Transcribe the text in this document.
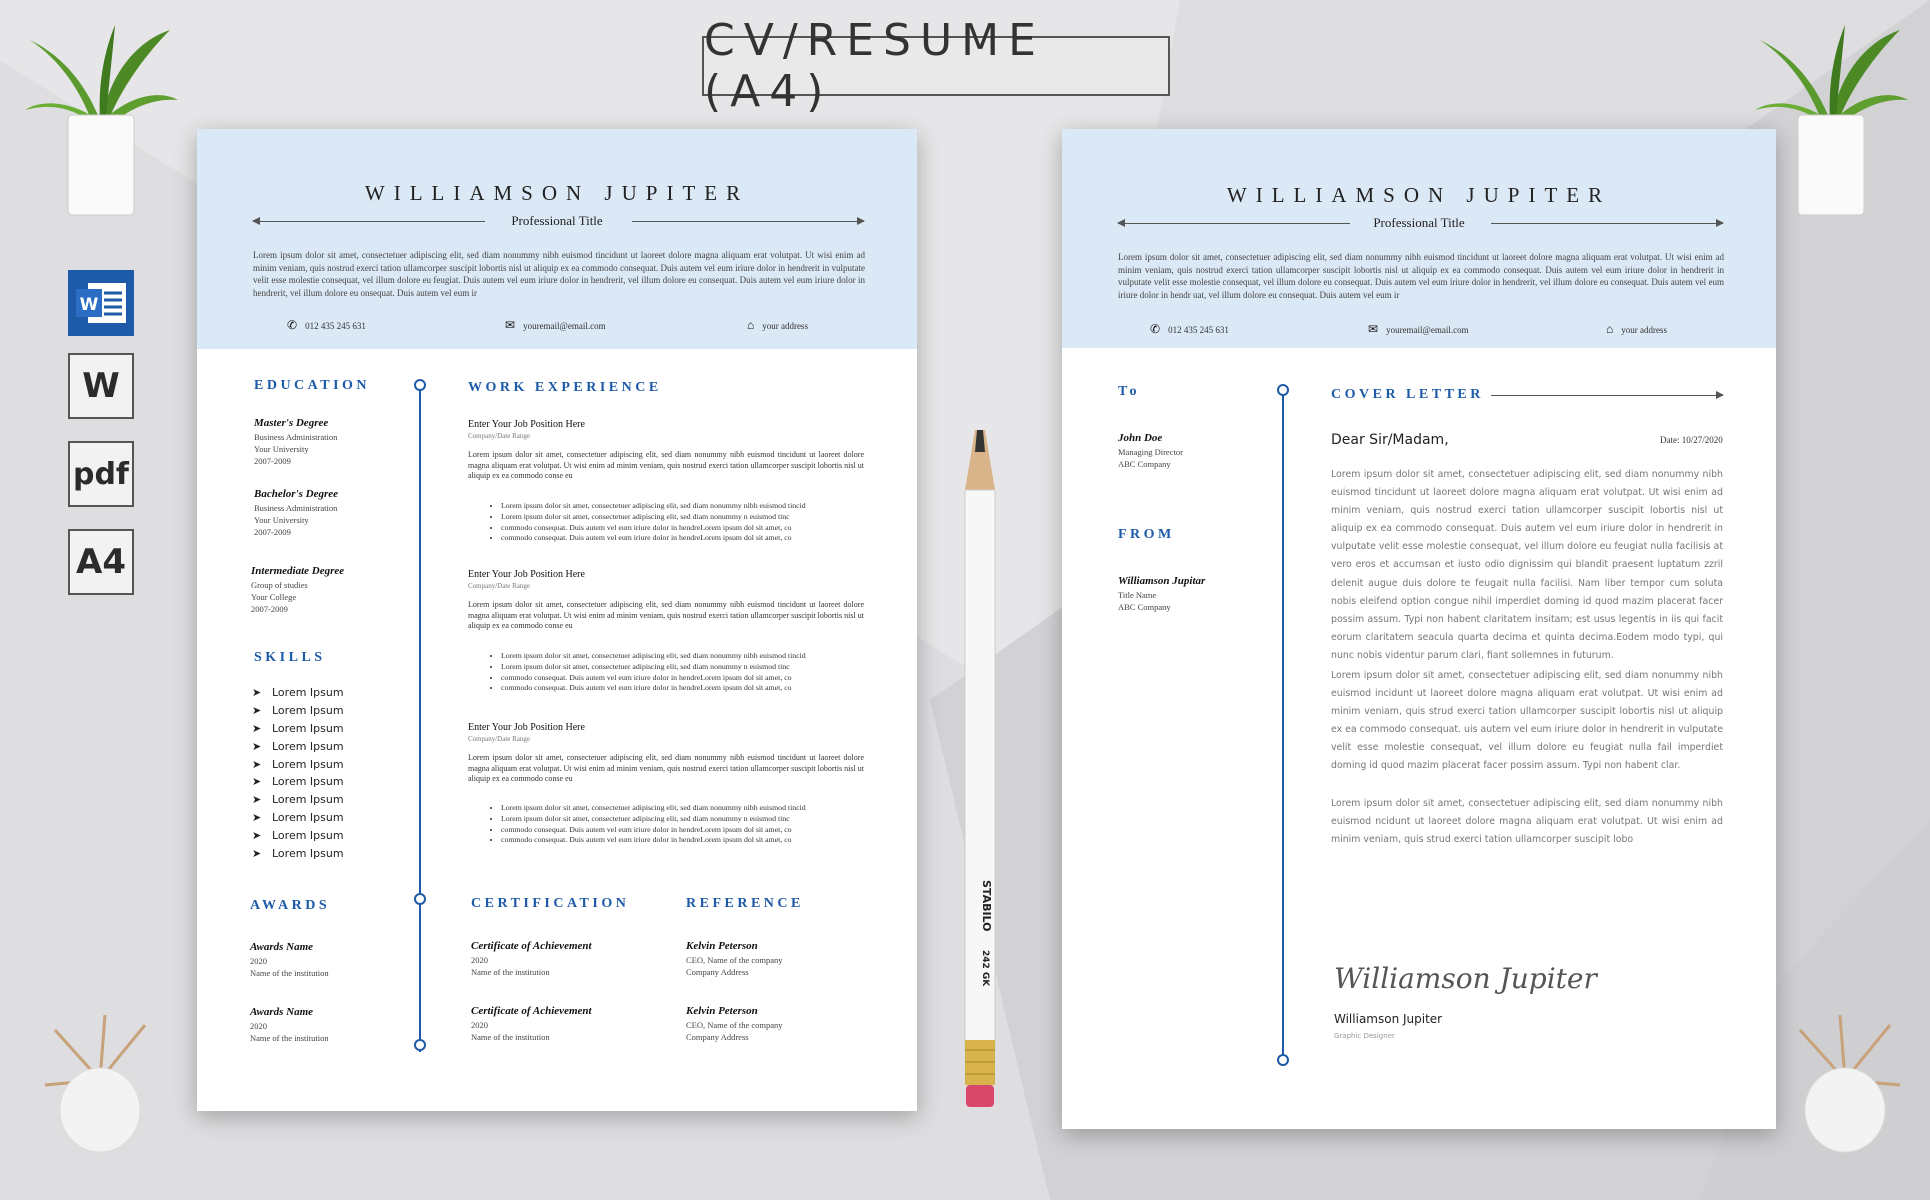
CV/RESUME (A4)
W
W
pdf
A4
WILLIAMSON JUPITER
Professional Title
Lorem ipsum dolor sit amet, consectetuer adipiscing elit, sed diam nonummy nibh euismod tincidunt ut laoreet dolore magna aliquam erat volutpat. Ut wisi enim ad minim veniam, quis nostrud exerci tation ullamcorper suscipit lobortis nisl ut aliquip ex ea commodo consequat. Duis autem vel eum iriure dolor in hendrerit in vulputate velit esse molestie consequat, vel illum dolore eu feugiat. Duis autem vel eum iriure dolor in hendrerit, vel illum dolore eu consequat. Duis autem vel eum iriure dolor in hendrerit, vel illum dolore eu onsequat. Duis autem vel eum ir
✆ 012 435 245 631	✉ youremail@email.com	⌂ your address
EDUCATION
Master's Degree
Business Administration
Your University
2007-2009
Bachelor's Degree
Business Administration
Your University
2007-2009
Intermediate Degree
Group of studies
Your College
2007-2009
SKILLS
➤ Lorem Ipsum
➤ Lorem Ipsum
➤ Lorem Ipsum
➤ Lorem Ipsum
➤ Lorem Ipsum
➤ Lorem Ipsum
➤ Lorem Ipsum
➤ Lorem Ipsum
➤ Lorem Ipsum
➤ Lorem Ipsum
AWARDS
Awards Name
2020
Name of the institution
Awards Name
2020
Name of the institution
WORK EXPERIENCE
Enter Your Job Position Here
Company/Date Range
Lorem ipsum dolor sit amet, consectetuer adipiscing elit, sed diam nonummy nibh euismod tincidunt ut laoreet dolore magna aliquam erat volutpat. Ut wisi enim ad minim veniam, quis nostrud exerci tation ullamcorper suscipit lobortis nisl ut aliquip ex ea commodo conse eu
• Lorem ipsum dolor sit amet, consectetuer adipiscing elit, sed diam nonummy nibh euismod tincid
• Lorem ipsum dolor sit amet, consectetuer adipiscing elit, sed diam nonummy n euismod tinc
• commodo consequat. Duis autem vel eum iriure dolor in hendreLorem ipsum dol sit amet, co
• commodo consequat. Duis autem vel eum iriure dolor in hendreLorem ipsum dol sit amet, co
Enter Your Job Position Here
Company/Date Range
Lorem ipsum dolor sit amet, consectetuer adipiscing elit, sed diam nonummy nibh euismod tincidunt ut laoreet dolore magna aliquam erat volutpat. Ut wisi enim ad minim veniam, quis nostrud exerci tation ullamcorper suscipit lobortis nisl ut aliquip ex ea commodo conse eu
• Lorem ipsum dolor sit amet, consectetuer adipiscing elit, sed diam nonummy nibh euismod tincid
• Lorem ipsum dolor sit amet, consectetuer adipiscing elit, sed diam nonummy n euismod tinc
• commodo consequat. Duis autem vel eum iriure dolor in hendreLorem ipsum dol sit amet, co
• commodo consequat. Duis autem vel eum iriure dolor in hendreLorem ipsum dol sit amet, co
Enter Your Job Position Here
Company/Date Range
Lorem ipsum dolor sit amet, consectetuer adipiscing elit, sed diam nonummy nibh euismod tincidunt ut laoreet dolore magna aliquam erat volutpat. Ut wisi enim ad minim veniam, quis nostrud exerci tation ullamcorper suscipit lobortis nisl ut aliquip ex ea commodo conse eu
• Lorem ipsum dolor sit amet, consectetuer adipiscing elit, sed diam nonummy nibh euismod tincid
• Lorem ipsum dolor sit amet, consectetuer adipiscing elit, sed diam nonummy n euismod tinc
• commodo consequat. Duis autem vel eum iriure dolor in hendreLorem ipsum dol sit amet, co
• commodo consequat. Duis autem vel eum iriure dolor in hendreLorem ipsum dol sit amet, co
CERTIFICATION
Certificate of Achievement
2020
Name of the institution
Certificate of Achievement
2020
Name of the institution
REFERENCE
Kelvin Peterson
CEO, Name of the company
Company Address
Kelvin Peterson
CEO, Name of the company
Company Address
STABILO
242 GK
WILLIAMSON JUPITER
Professional Title
Lorem ipsum dolor sit amet, consectetuer adipiscing elit, sed diam nonummy nibh euismod tincidunt ut laoreet dolore magna aliquam erat volutpat. Ut wisi enim ad minim veniam, quis nostrud exerci tation ullamcorper suscipit lobortis nisl ut aliquip ex ea commodo consequat. Duis autem vel eum iriure dolor in hendrerit in vulputate velit esse molestie consequat, vel illum dolore eu consequat. Duis autem vel eum iriure dolor in hendrerit, vel illum dolore eu consequat. Duis autem vel eum iriure dolor in hendr uat, vel illum dolore eu consequat. Duis autem vel eum ir
✆ 012 435 245 631	✉ youremail@email.com	⌂ your address
To
John Doe
Managing Director
ABC Company
FROM
Williamson Jupitar
Title Name
ABC Company
COVER LETTER
Dear Sir/Madam,	Date: 10/27/2020
Lorem ipsum dolor sit amet, consectetuer adipiscing elit, sed diam nonummy nibh euismod tincidunt ut laoreet dolore magna aliquam erat volutpat. Ut wisi enim ad minim veniam, quis nostrud exerci tation ullamcorper suscipit lobortis nisl ut aliquip ex ea commodo consequat. Duis autem vel eum iriure dolor in hendrerit in vulputate velit esse molestie consequat, vel illum dolore eu feugiat nulla facilisis at vero eros et accumsan et iusto odio dignissim qui blandit praesent luptatum zzril delenit augue duis dolore te feugait nulla facilisi. Nam liber tempor cum soluta nobis eleifend option congue nihil imperdiet doming id quod mazim placerat facer possim assum. Typi non habent claritatem insitam; est usus legentis in iis qui facit eorum claritatem seacula quarta decima et quinta decima.Eodem modo typi, qui nunc nobis videntur parum clari, fiant sollemnes in futurum.
Lorem ipsum dolor sit amet, consectetuer adipiscing elit, sed diam nonummy nibh euismod incidunt ut laoreet dolore magna aliquam erat volutpat. Ut wisi enim ad minim veniam, quis strud exerci tation ullamcorper suscipit lobortis nisl ut aliquip ex ea commodo consequat. uis autem vel eum iriure dolor in hendrerit in vulputate velit esse molestie consequat, vel illum dolore eu feugiat nulla fail imperdiet doming id quod mazim placerat facer possim assum. Typi non habent clar.
Lorem ipsum dolor sit amet, consectetuer adipiscing elit, sed diam nonummy nibh euismod ncidunt ut laoreet dolore magna aliquam erat volutpat. Ut wisi enim ad minim veniam, quis strud exerci tation ullamcorper suscipit lobo
Williamson Jupiter
Williamson Jupiter
Graphic Designer
